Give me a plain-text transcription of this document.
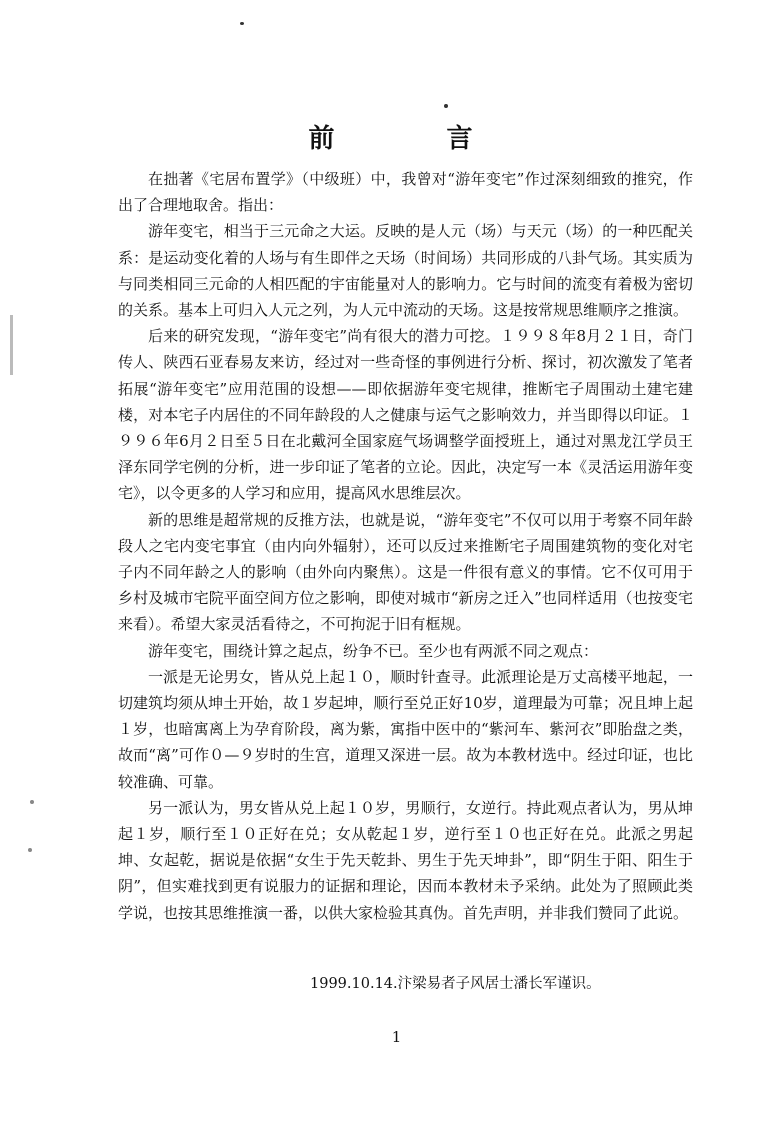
前	言

在拙著《宅居布置学》（中级班）中，我曾对“游年变宅”作过深刻细致的推究，作出了合理地取舍。指出：

游年变宅，相当于三元命之大运。反映的是人元（场）与天元（场）的一种匹配关系：是运动变化着的人场与有生即伴之天场（时间场）共同形成的八卦气场。其实质为与同类相同三元命的人相匹配的宇宙能量对人的影响力。它与时间的流变有着极为密切的关系。基本上可归入人元之列，为人元中流动的天场。这是按常规思维顺序之推演。

后来的研究发现，“游年变宅”尚有很大的潜力可挖。１９９８年8月２１日，奇门传人、陕西石亚春易友来访，经过对一些奇怪的事例进行分析、探讨，初次激发了笔者拓展“游年变宅”应用范围的设想——即依据游年变宅规律，推断宅子周围动土建宅建楼，对本宅子内居住的不同年龄段的人之健康与运气之影响效力，并当即得以印证。１９９６年6月２日至５日在北戴河全国家庭气场调整学面授班上，通过对黑龙江学员王泽东同学宅例的分析，进一步印证了笔者的立论。因此，决定写一本《灵活运用游年变宅》，以令更多的人学习和应用，提高风水思维层次。

新的思维是超常规的反推方法，也就是说，“游年变宅”不仅可以用于考察不同年龄段人之宅内变宅事宜（由内向外辐射），还可以反过来推断宅子周围建筑物的变化对宅子内不同年龄之人的影响（由外向内聚焦）。这是一件很有意义的事情。它不仅可用于乡村及城市宅院平面空间方位之影响，即使对城市“新房之迁入”也同样适用（也按变宅来看）。希望大家灵活看待之，不可拘泥于旧有框规。

游年变宅，围绕计算之起点，纷争不已。至少也有两派不同之观点：

一派是无论男女，皆从兑上起１０，顺时针查寻。此派理论是万丈高楼平地起，一切建筑均须从坤土开始，故１岁起坤，顺行至兑正好10岁，道理最为可靠；况且坤上起１岁，也暗寓离上为孕育阶段，离为紫，寓指中医中的“紫河车、紫河衣”即胎盘之类，故而“离”可作０—９岁时的生宫，道理又深进一层。故为本教材选中。经过印证，也比较准确、可靠。

另一派认为，男女皆从兑上起１０岁，男顺行，女逆行。持此观点者认为，男从坤起１岁，顺行至１０正好在兑；女从乾起１岁，逆行至１０也正好在兑。此派之男起坤、女起乾，据说是依据“女生于先天乾卦、男生于先天坤卦”，即“阴生于阳、阳生于阴”，但实难找到更有说服力的证据和理论，因而本教材未予采纳。此处为了照顾此类学说，也按其思维推演一番，以供大家检验其真伪。首先声明，并非我们赞同了此说。

1999.10.14.汴梁易者子风居士潘长军谨识。
1
